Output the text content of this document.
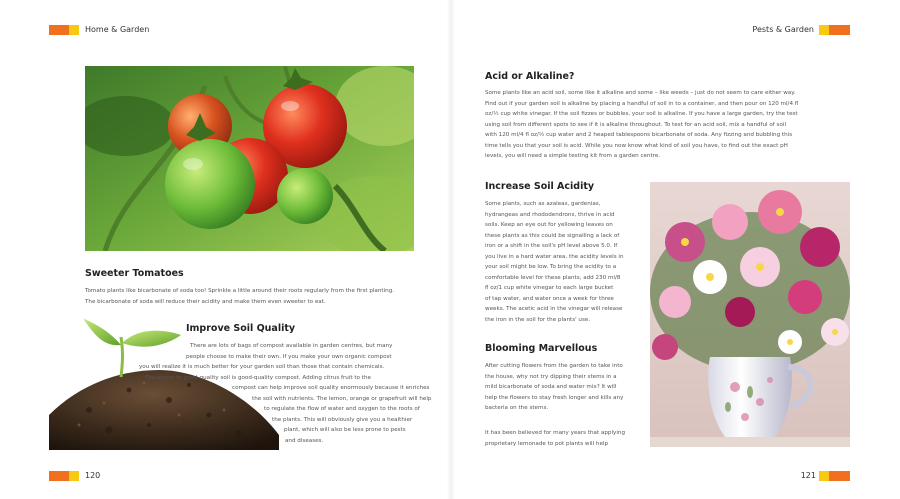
Home & Garden	Pests & Garden
Sweeter Tomatoes
Tomato plants like bicarbonate of soda too! Sprinkle a little around their roots regularly from the first planting.
The bicarbonate of soda will reduce their acidity and make them even sweeter to eat.
Improve Soil Quality
There are lots of bags of compost available in garden centres, but many
people choose to make their own. If you make your own organic compost
you will realize it is much better for your garden soil than those that contain chemicals.
The secret to good-quality soil is good-quality compost. Adding citrus fruit to the
compost can help improve soil quality enormously because it enriches
the soil with nutrients. The lemon, orange or grapefruit will help
to regulate the flow of water and oxygen to the roots of
the plants. This will obviously give you a healthier
plant, which will also be less prone to pests
and diseases.
Acid or Alkaline?
Some plants like an acid soil, some like it alkaline and some – like weeds – just do not seem to care either way.
Find out if your garden soil is alkaline by placing a handful of soil in to a container, and then pour on 120 ml/4 fl
oz/½ cup white vinegar. If the soil fizzes or bubbles, your soil is alkaline. If you have a large garden, try the test
using soil from different spots to see if it is alkaline throughout. To test for an acid soil, mix a handful of soil
with 120 ml/4 fl oz/½ cup water and 2 heaped tablespoons bicarbonate of soda. Any fizzing and bubbling this
time tells you that your soil is acid. While you now know what kind of soil you have, to find out the exact pH
levels, you will need a simple testing kit from a garden centre.
Increase Soil Acidity
Some plants, such as azaleas, gardenias,
hydrangeas and rhododendrons, thrive in acid
soils. Keep an eye out for yellowing leaves on
these plants as this could be signalling a lack of
iron or a shift in the soil's pH level above 5.0. If
you live in a hard water area, the acidity levels in
your soil might be low. To bring the acidity to a
comfortable level for these plants, add 230 ml/8
fl oz/1 cup white vinegar to each large bucket
of tap water, and water once a week for three
weeks. The acetic acid in the vinegar will release
the iron in the soil for the plants' use.
Blooming Marvellous
After cutting flowers from the garden to take into
the house, why not try dipping their stems in a
mild bicarbonate of soda and water mix? It will
help the flowers to stay fresh longer and kills any
bacteria on the stems.
It has been believed for many years that applying
proprietary lemonade to pot plants will help
120	121
